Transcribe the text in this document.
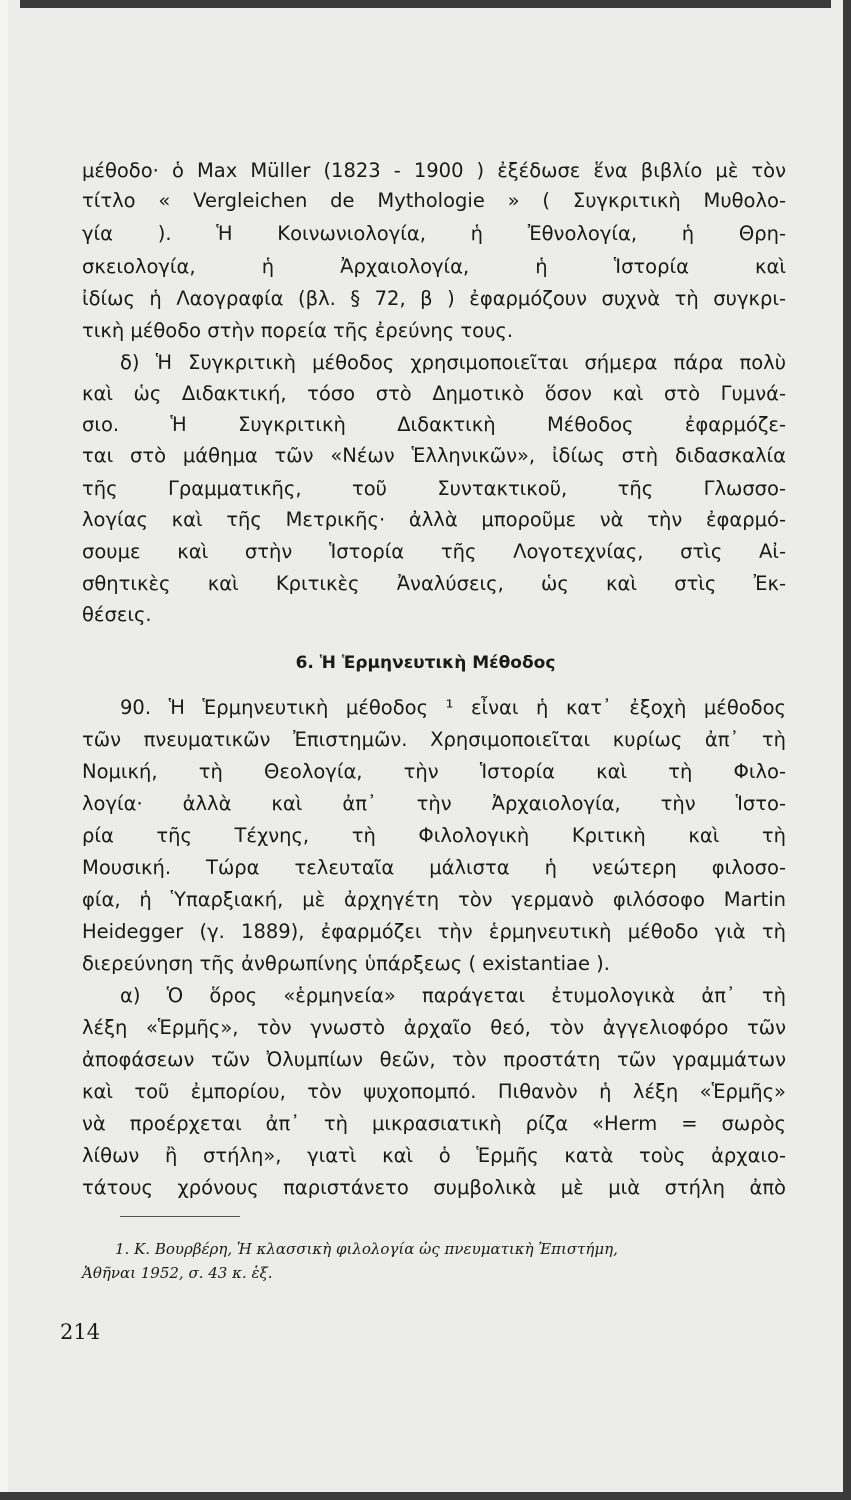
μέθοδο· ὁ Max Müller (1823 - 1900 ) ἐξέδωσε ἕνα βιβλίο μὲ τὸν
τίτλο « Vergleichen de Mythologie » ( Συγκριτικὴ Μυθολο-
γία ). Ἡ Κοινωνιολογία, ἡ Ἐθνολογία, ἡ Θρη-
σκειολογία, ἡ Ἀρχαιολογία, ἡ Ἱστορία καὶ
ἰδίως ἡ Λαογραφία (βλ. § 72, β ) ἐφαρμόζουν συχνὰ τὴ συγκρι-
τικὴ μέθοδο στὴν πορεία τῆς ἐρεύνης τους.
δ) Ἡ Συγκριτικὴ μέθοδος χρησιμοποιεῖται σήμερα πάρα πολὺ
καὶ ὡς Διδακτική, τόσο στὸ Δημοτικὸ ὅσον καὶ στὸ Γυμνά-
σιο. Ἡ Συγκριτικὴ Διδακτικὴ Μέθοδος ἐφαρμόζε-
ται στὸ μάθημα τῶν «Νέων Ἑλληνικῶν», ἰδίως στὴ διδασκαλία
τῆς Γραμματικῆς, τοῦ Συντακτικοῦ, τῆς Γλωσσο-
λογίας καὶ τῆς Μετρικῆς· ἀλλὰ μποροῦμε νὰ τὴν ἐφαρμό-
σουμε καὶ στὴν Ἱστορία τῆς Λογοτεχνίας, στὶς Αἰ-
σθητικὲς καὶ Κριτικὲς Ἀναλύσεις, ὡς καὶ στὶς Ἐκ-
θέσεις.
6. Ἡ Ἑρμηνευτικὴ Μέθοδος
90. Ἡ Ἑρμηνευτικὴ μέθοδος ¹ εἶναι ἡ κατ᾽ ἐξοχὴ μέθοδος
τῶν πνευματικῶν Ἐπιστημῶν. Χρησιμοποιεῖται κυρίως ἀπ᾽ τὴ
Νομική, τὴ Θεολογία, τὴν Ἱστορία καὶ τὴ Φιλο-
λογία· ἀλλὰ καὶ ἀπ᾽ τὴν Ἀρχαιολογία, τὴν Ἱστο-
ρία τῆς Τέχνης, τὴ Φιλολογικὴ Κριτικὴ καὶ τὴ
Μουσική. Τώρα τελευταῖα μάλιστα ἡ νεώτερη φιλοσο-
φία, ἡ Ὑπαρξιακή, μὲ ἀρχηγέτη τὸν γερμανὸ φιλόσοφο Martin
Heidegger (γ. 1889), ἐφαρμόζει τὴν ἑρμηνευτικὴ μέθοδο γιὰ τὴ
διερεύνηση τῆς ἀνθρωπίνης ὑπάρξεως ( existantiae ).
α) Ὁ ὅρος «ἑρμηνεία» παράγεται ἐτυμολογικὰ ἀπ᾽ τὴ
λέξη «Ἑρμῆς», τὸν γνωστὸ ἀρχαῖο θεό, τὸν ἀγγελιοφόρο τῶν
ἀποφάσεων τῶν Ὀλυμπίων θεῶν, τὸν προστάτη τῶν γραμμάτων
καὶ τοῦ ἐμπορίου, τὸν ψυχοπομπό. Πιθανὸν ἡ λέξη «Ἑρμῆς»
νὰ προέρχεται ἀπ᾽ τὴ μικρασιατικὴ ρίζα «Herm = σωρὸς
λίθων ἢ στήλη», γιατὶ καὶ ὁ Ἑρμῆς κατὰ τοὺς ἀρχαιο-
τάτους χρόνους παριστάνετο συμβολικὰ μὲ μιὰ στήλη ἀπὸ
1. Κ. Βουρβέρη, Ἡ κλασσικὴ φιλολογία ὡς πνευματικὴ Ἐπιστήμη,
Ἀθῆναι 1952, σ. 43 κ. ἑξ.
214
